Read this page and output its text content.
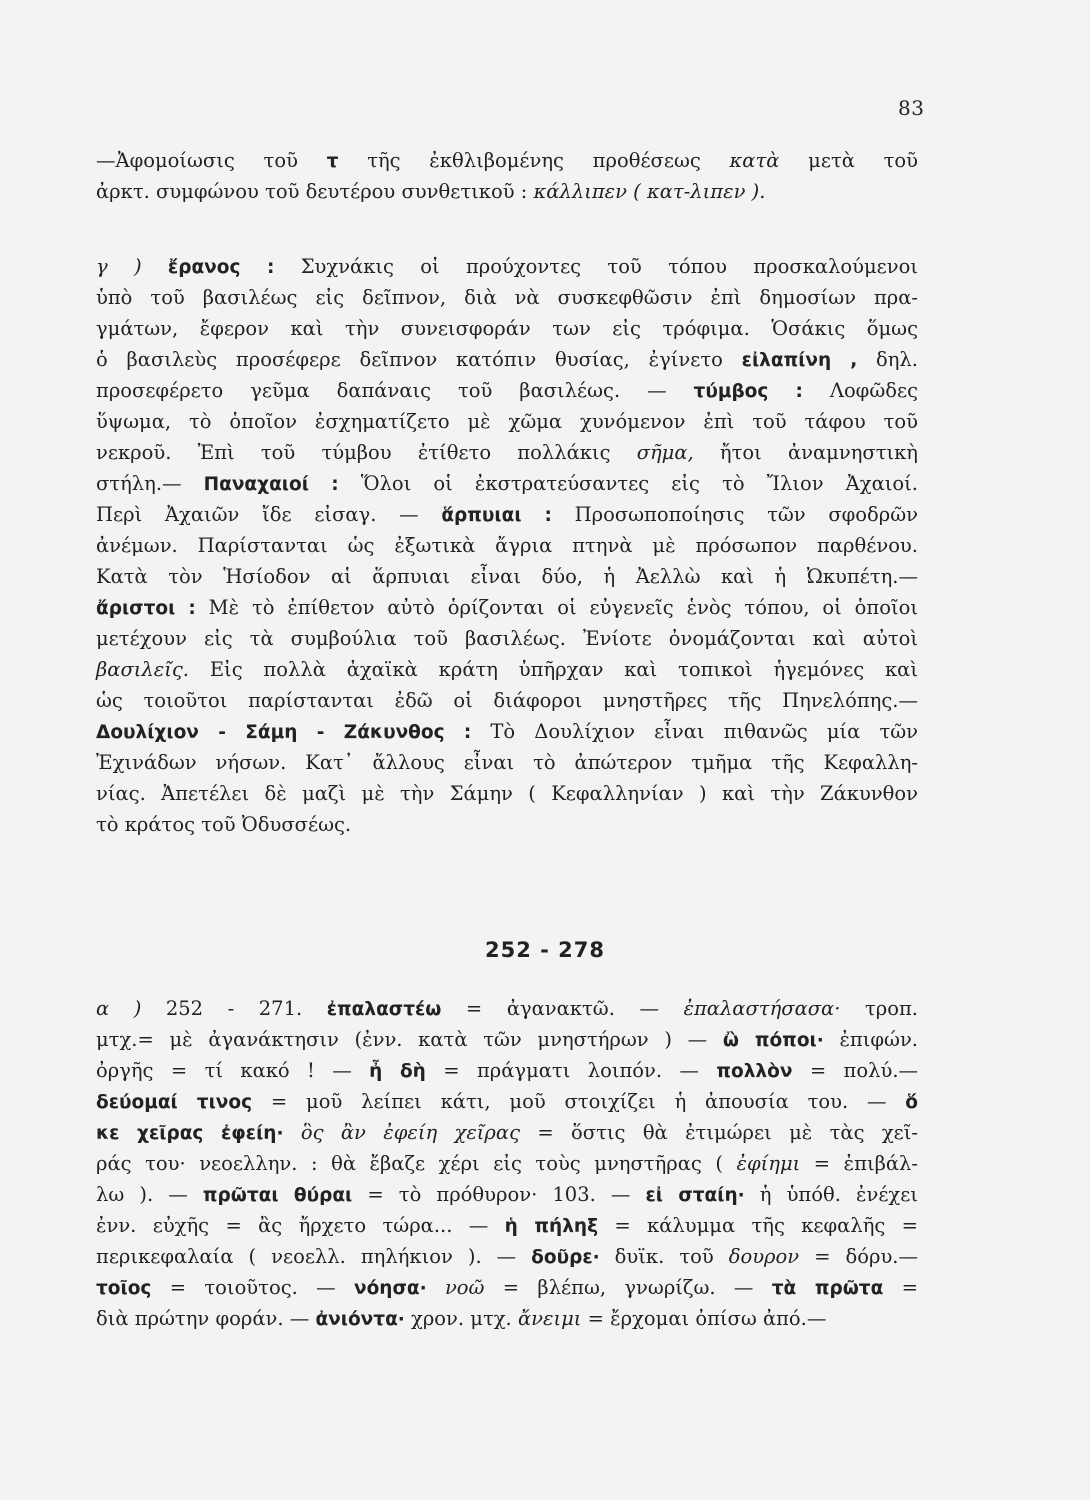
83
—Ἀφομοίωσις τοῦ τ τῆς ἐκθλιβομένης προθέσεως κατὰ μετὰ τοῦ
ἀρκτ. συμφώνου τοῦ δευτέρου συνθετικοῦ : κάλλιπεν ( κατ-λιπεν ).
γ ) ἔρανος : Συχνάκις οἱ προύχοντες τοῦ τόπου προσκαλούμενοι
ὑπὸ τοῦ βασιλέως εἰς δεῖπνον, διὰ νὰ συσκεφθῶσιν ἐπὶ δημοσίων πρα-
γμάτων, ἔφερον καὶ τὴν συνεισφοράν των εἰς τρόφιμα. Ὁσάκις ὅμως
ὁ βασιλεὺς προσέφερε δεῖπνον κατόπιν θυσίας, ἐγίνετο εἰλαπίνη , δηλ.
προσεφέρετο γεῦμα δαπάναις τοῦ βασιλέως. — τύμβος : Λοφῶδες
ὕψωμα, τὸ ὁποῖον ἐσχηματίζετο μὲ χῶμα χυνόμενον ἐπὶ τοῦ τάφου τοῦ
νεκροῦ. Ἐπὶ τοῦ τύμβου ἐτίθετο πολλάκις σῆμα, ἤτοι ἀναμνηστικὴ
στήλη.— Παναχαιοί : Ὅλοι οἱ ἐκστρατεύσαντες εἰς τὸ Ἴλιον Ἀχαιοί.
Περὶ Ἀχαιῶν ἴδε εἰσαγ. — ἅρπυιαι : Προσωποποίησις τῶν σφοδρῶν
ἀνέμων. Παρίστανται ὡς ἐξωτικὰ ἄγρια πτηνὰ μὲ πρόσωπον παρθένου.
Κατὰ τὸν Ἡσίοδον αἱ ἅρπυιαι εἶναι δύο, ἡ Ἀελλὼ καὶ ἡ Ὠκυπέτη.—
ἄριστοι : Μὲ τὸ ἐπίθετον αὐτὸ ὁρίζονται οἱ εὐγενεῖς ἑνὸς τόπου, οἱ ὁποῖοι
μετέχουν εἰς τὰ συμβούλια τοῦ βασιλέως. Ἐνίοτε ὀνομάζονται καὶ αὐτοὶ
βασιλεῖς. Εἰς πολλὰ ἀχαϊκὰ κράτη ὑπῆρχαν καὶ τοπικοὶ ἡγεμόνες καὶ
ὡς τοιοῦτοι παρίστανται ἐδῶ οἱ διάφοροι μνηστῆρες τῆς Πηνελόπης.—
Δουλίχιον - Σάμη - Ζάκυνθος : Τὸ Δουλίχιον εἶναι πιθανῶς μία τῶν
Ἐχινάδων νήσων. Κατ᾽ ἄλλους εἶναι τὸ ἀπώτερον τμῆμα τῆς Κεφαλλη-
νίας. Ἀπετέλει δὲ μαζὶ μὲ τὴν Σάμην ( Κεφαλληνίαν ) καὶ τὴν Ζάκυνθον
τὸ κράτος τοῦ Ὀδυσσέως.
252 - 278
α ) 252 - 271. ἐπαλαστέω = ἀγανακτῶ. — ἐπαλαστήσασα· τροπ.
μτχ.= μὲ ἀγανάκτησιν (ἐνν. κατὰ τῶν μνηστήρων ) — ὢ πόποι· ἐπιφών.
ὀργῆς = τί κακό ! — ἦ δὴ = πράγματι λοιπόν. — πολλὸν = πολύ.—
δεύομαί τινος = μοῦ λείπει κάτι, μοῦ στοιχίζει ἡ ἀπουσία του. — ὅ
κε χεῖρας ἐφείη· ὃς ἂν ἐφείη χεῖρας = ὅστις θὰ ἐτιμώρει μὲ τὰς χεῖ-
ράς του· νεοελλην. : θὰ ἔβαζε χέρι εἰς τοὺς μνηστῆρας ( ἐφίημι = ἐπιβάλ-
λω ). — πρῶται θύραι = τὸ πρόθυρον· 103. — εἰ σταίη· ἡ ὑπόθ. ἐνέχει
ἐνν. εὐχῆς = ἂς ἤρχετο τώρα... — ἡ πήληξ = κάλυμμα τῆς κεφαλῆς =
περικεφαλαία ( νεοελλ. πηλήκιον ). — δοῦρε· δυϊκ. τοῦ δουρον = δόρυ.—
τοῖος = τοιοῦτος. — νόησα· νοῶ = βλέπω, γνωρίζω. — τὰ πρῶτα =
διὰ πρώτην φοράν. — ἀνιόντα· χρον. μτχ. ἄνειμι = ἔρχομαι ὀπίσω ἀπό.—
